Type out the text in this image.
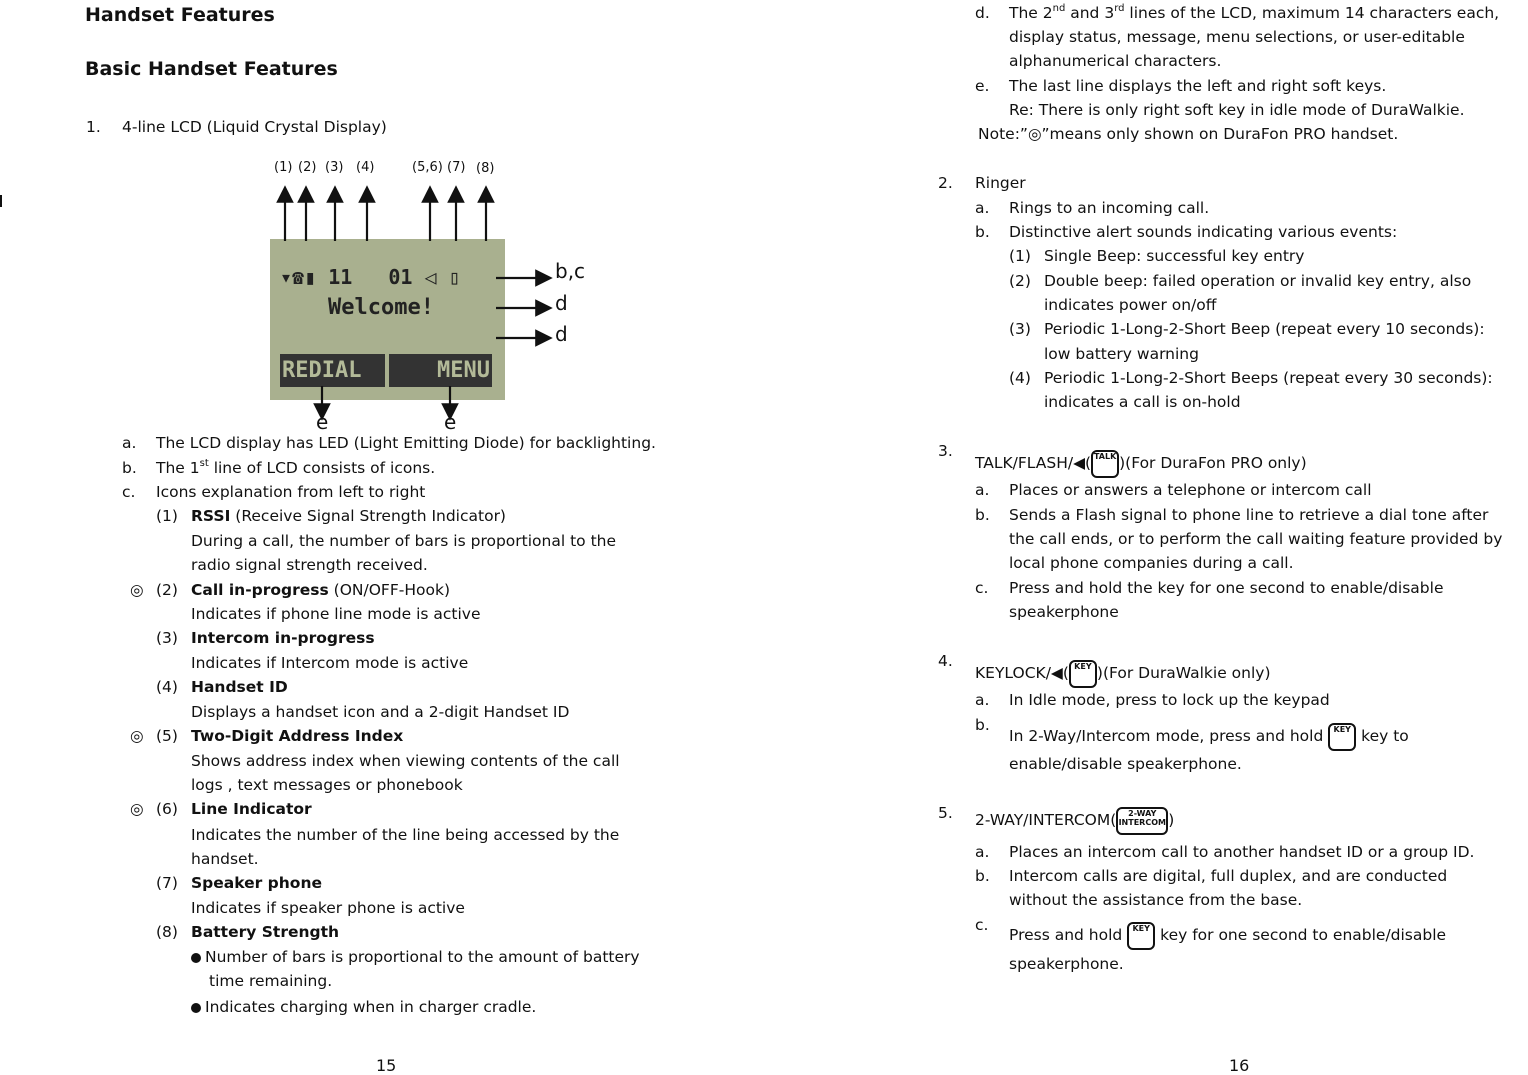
Handset Features
Basic Handset Features
1. 4-line LCD (Liquid Crystal Display)
(1) (2) (3) (4)	(5,6) (7) (8)
▾☎▮ 11   01 ◁ ▯
Welcome!
REDIAL	MENU
b,c
d
d
e	e
a. The LCD display has LED (Light Emitting Diode) for backlighting.
b. The 1st line of LCD consists of icons.
c. Icons explanation from left to right
(1) RSSI (Receive Signal Strength Indicator)
During a call, the number of bars is proportional to the
radio signal strength received.
◎ (2) Call in-progress (ON/OFF-Hook)
Indicates if phone line mode is active
(3) Intercom in-progress
Indicates if Intercom mode is active
(4) Handset ID
Displays a handset icon and a 2-digit Handset ID
◎ (5) Two-Digit Address Index
Shows address index when viewing contents of the call
logs , text messages or phonebook
◎ (6) Line Indicator
Indicates the number of the line being accessed by the
handset.
(7) Speaker phone
Indicates if speaker phone is active
(8) Battery Strength
Number of bars is proportional to the amount of battery
time remaining.
Indicates charging when in charger cradle.
15
d. The 2nd and 3rd lines of the LCD, maximum 14 characters each,
display status, message, menu selections, or user-editable
alphanumerical characters.
e. The last line displays the left and right soft keys.
Re: There is only right soft key in idle mode of DuraWalkie.
Note:”◎”means only shown on DuraFon PRO handset.
2. Ringer
a. Rings to an incoming call.
b. Distinctive alert sounds indicating various events:
(1) Single Beep: successful key entry
(2) Double beep: failed operation or invalid key entry, also
indicates power on/off
(3) Periodic 1-Long-2-Short Beep (repeat every 10 seconds):
low battery warning
(4) Periodic 1-Long-2-Short Beeps (repeat every 30 seconds):
indicates a call is on-hold
3.
TALK/FLASH/◀( TALK )(For DuraFon PRO only)
a. Places or answers a telephone or intercom call
b. Sends a Flash signal to phone line to retrieve a dial tone after
the call ends, or to perform the call waiting feature provided by
local phone companies during a call.
c. Press and hold the key for one second to enable/disable
speakerphone
4.
KEYLOCK/◀( KEY )(For DuraWalkie only)
a. In Idle mode, press to lock up the keypad
b.
In 2-Way/Intercom mode, press and hold KEY key to
enable/disable speakerphone.
5. 2-WAY/INTERCOM( 2-WAY
INTERCOM )
a. Places an intercom call to another handset ID or a group ID.
b. Intercom calls are digital, full duplex, and are conducted
without the assistance from the base.
c.
Press and hold KEY key for one second to enable/disable
speakerphone.
16
